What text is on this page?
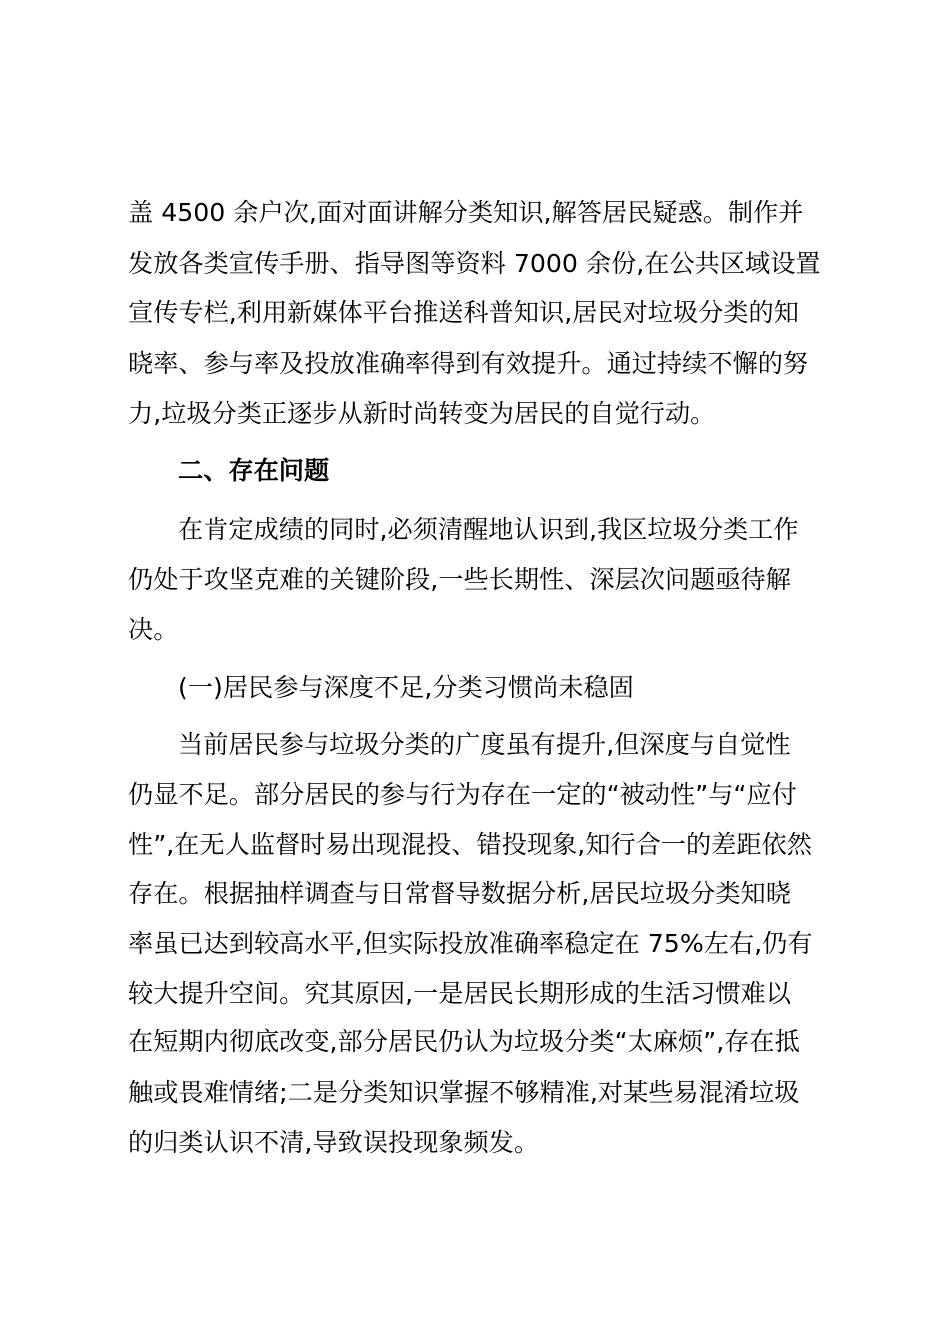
盖 4500 余户次,面对面讲解分类知识,解答居民疑惑。制作并
发放各类宣传手册、指导图等资料 7000 余份,在公共区域设置
宣传专栏,利用新媒体平台推送科普知识,居民对垃圾分类的知
晓率、参与率及投放准确率得到有效提升。通过持续不懈的努
力,垃圾分类正逐步从新时尚转变为居民的自觉行动。
二、存在问题
在肯定成绩的同时,必须清醒地认识到,我区垃圾分类工作
仍处于攻坚克难的关键阶段,一些长期性、深层次问题亟待解
决。
(一)居民参与深度不足,分类习惯尚未稳固
当前居民参与垃圾分类的广度虽有提升,但深度与自觉性
仍显不足。部分居民的参与行为存在一定的“被动性”与“应付
性”,在无人监督时易出现混投、错投现象,知行合一的差距依然
存在。根据抽样调查与日常督导数据分析,居民垃圾分类知晓
率虽已达到较高水平,但实际投放准确率稳定在 75%左右,仍有
较大提升空间。究其原因,一是居民长期形成的生活习惯难以
在短期内彻底改变,部分居民仍认为垃圾分类“太麻烦”,存在抵
触或畏难情绪;二是分类知识掌握不够精准,对某些易混淆垃圾
的归类认识不清,导致误投现象频发。
